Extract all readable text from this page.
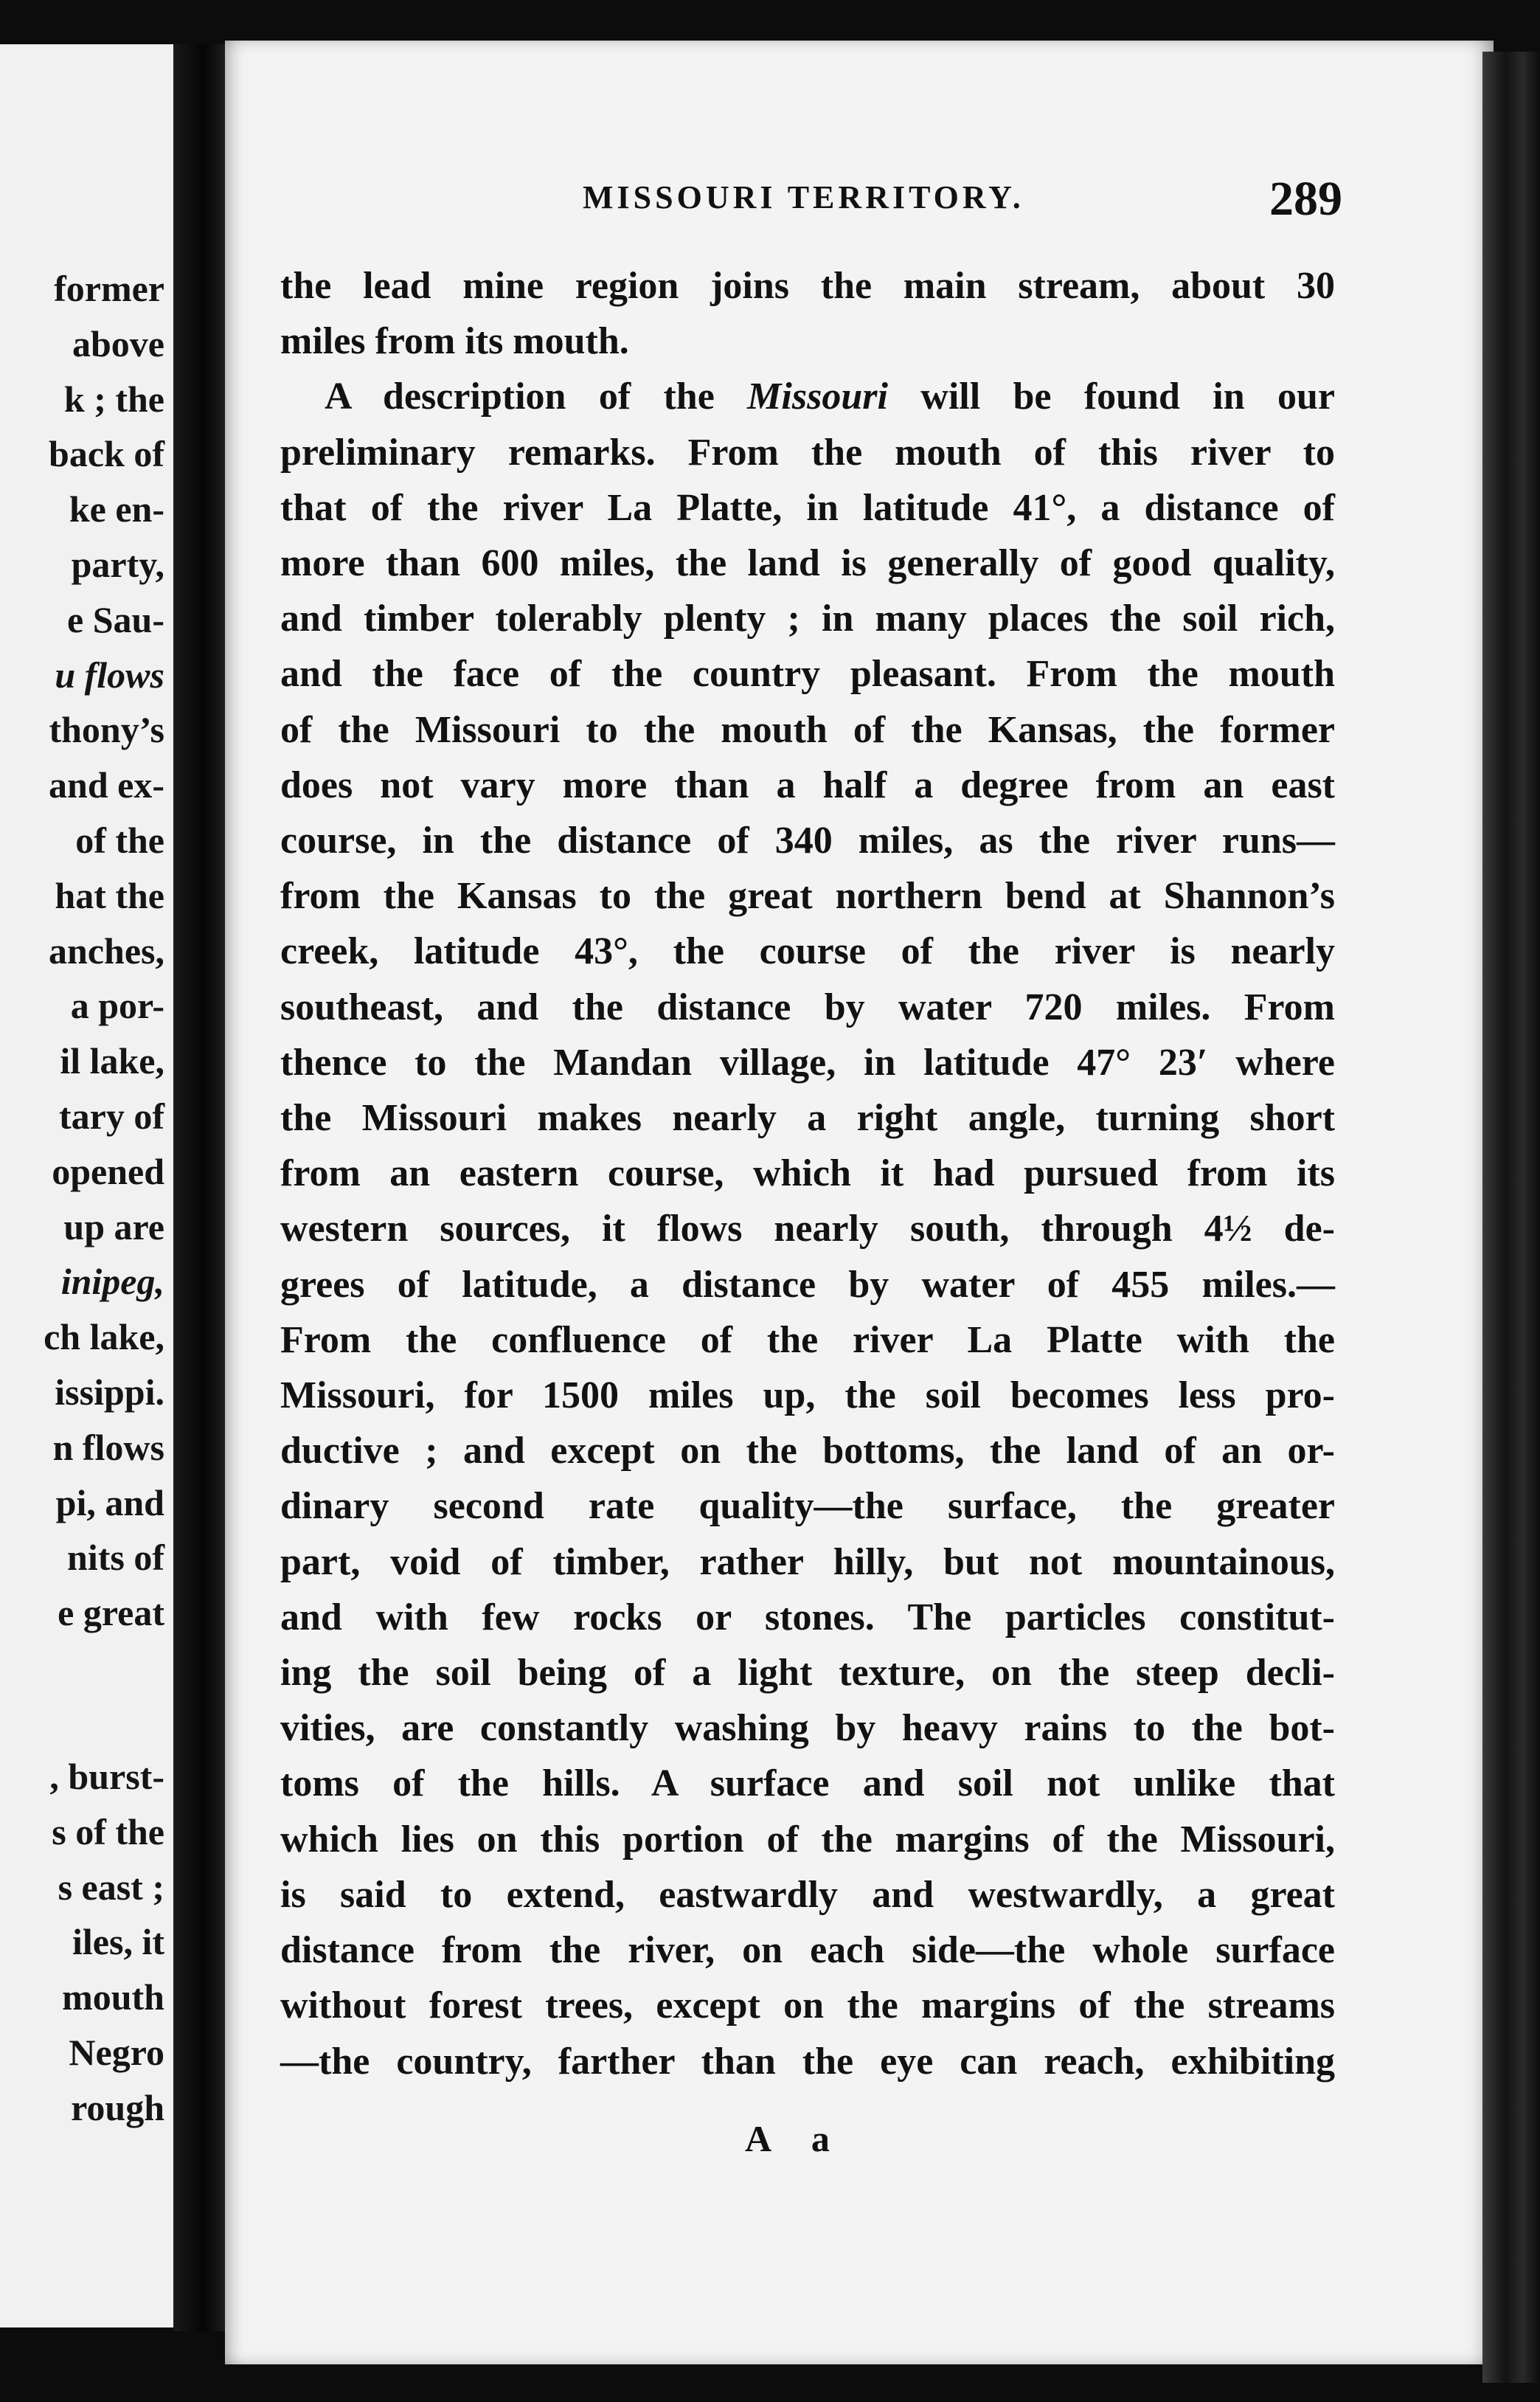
former
above
k ; the
back of
ke en-
party,
e Sau-
u flows
thony’s
and ex-
of the
hat the
anches,
a por-
il lake,
tary of
opened
up are
inipeg,
ch lake,
issippi.
n flows
pi, and
nits of
e great
, burst-
s of the
s east ;
iles, it
mouth
Negro
rough
MISSOURI TERRITORY.	289
the lead mine region joins the main stream, about 30
miles from its mouth.
A description of the Missouri will be found in our
preliminary remarks. From the mouth of this river to
that of the river La Platte, in latitude 41°, a distance of
more than 600 miles, the land is generally of good quality,
and timber tolerably plenty ; in many places the soil rich,
and the face of the country pleasant. From the mouth
of the Missouri to the mouth of the Kansas, the former
does not vary more than a half a degree from an east
course, in the distance of 340 miles, as the river runs—
from the Kansas to the great northern bend at Shannon’s
creek, latitude 43°, the course of the river is nearly
southeast, and the distance by water 720 miles. From
thence to the Mandan village, in latitude 47° 23′ where
the Missouri makes nearly a right angle, turning short
from an eastern course, which it had pursued from its
western sources, it flows nearly south, through 4½ de-
grees of latitude, a distance by water of 455 miles.—
From the confluence of the river La Platte with the
Missouri, for 1500 miles up, the soil becomes less pro-
ductive ; and except on the bottoms, the land of an or-
dinary second rate quality—the surface, the greater
part, void of timber, rather hilly, but not mountainous,
and with few rocks or stones. The particles constitut-
ing the soil being of a light texture, on the steep decli-
vities, are constantly washing by heavy rains to the bot-
toms of the hills. A surface and soil not unlike that
which lies on this portion of the margins of the Missouri,
is said to extend, eastwardly and westwardly, a great
distance from the river, on each side—the whole surface
without forest trees, except on the margins of the streams
—the country, farther than the eye can reach, exhibiting
A a
